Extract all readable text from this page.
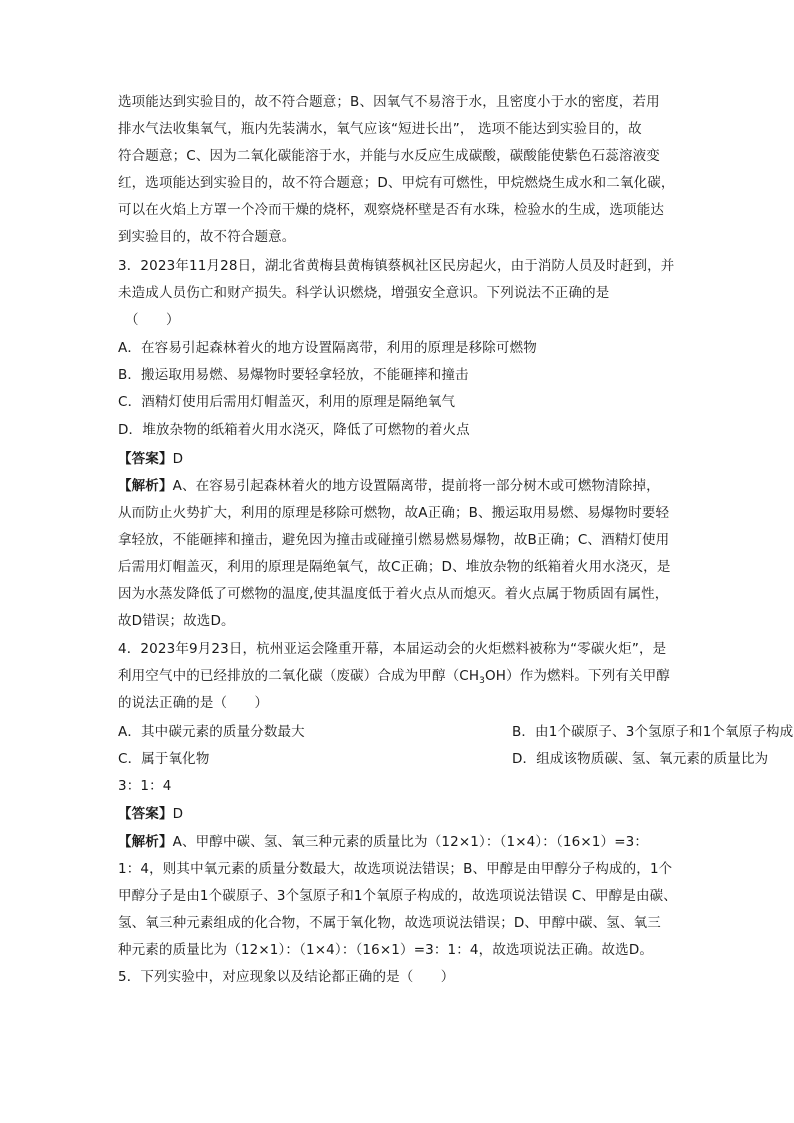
选项能达到实验目的，故不符合题意；B、因氧气不易溶于水，且密度小于水的密度，若用

排水气法收集氧气，瓶内先装满水，氧气应该“短进长出”， 选项不能达到实验目的，故

符合题意；C、因为二氧化碳能溶于水，并能与水反应生成碳酸，碳酸能使紫色石蕊溶液变

红，选项能达到实验目的，故不符合题意；D、甲烷有可燃性，甲烷燃烧生成水和二氧化碳，

可以在火焰上方罩一个冷而干燥的烧杯，观察烧杯壁是否有水珠，检验水的生成，选项能达

到实验目的，故不符合题意。

3．2023年11月28日，湖北省黄梅县黄梅镇蔡枫社区民房起火，由于消防人员及时赶到，并

未造成人员伤亡和财产损失。科学认识燃烧，增强安全意识。下列说法不正确的是

（　　）

A．在容易引起森林着火的地方设置隔离带，利用的原理是移除可燃物

B．搬运取用易燃、易爆物时要轻拿轻放，不能砸摔和撞击

C．酒精灯使用后需用灯帽盖灭，利用的原理是隔绝氧气

D．堆放杂物的纸箱着火用水浇灭，降低了可燃物的着火点

【答案】D

【解析】A、在容易引起森林着火的地方设置隔离带，提前将一部分树木或可燃物清除掉，

从而防止火势扩大，利用的原理是移除可燃物，故A正确；B、搬运取用易燃、易爆物时要轻

拿轻放，不能砸摔和撞击，避免因为撞击或碰撞引燃易燃易爆物，故B正确；C、酒精灯使用

后需用灯帽盖灭，利用的原理是隔绝氧气，故C正确；D、堆放杂物的纸箱着火用水浇灭，是

因为水蒸发降低了可燃物的温度,使其温度低于着火点从而熄灭。着火点属于物质固有属性，

故D错误；故选D。

4．2023年9月23日，杭州亚运会隆重开幕，本届运动会的火炬燃料被称为“零碳火炬”，是

利用空气中的已经排放的二氧化碳（废碳）合成为甲醇$(CH_3OH)$作为燃料。下列有关甲醇

的说法正确的是（　　）

A．其中碳元素的质量分数最大	B．由1个碳原子、3个氢原子和1个氧原子构成

C．属于氧化物	D．组成该物质碳、氢、氧元素的质量比为

3：1：4

【答案】D

【解析】A、甲醇中碳、氢、氧三种元素的质量比为（12×1）：（1×4）：（16×1）=3：

1：4，则其中氧元素的质量分数最大，故选项说法错误；B、甲醇是由甲醇分子构成的，1个

甲醇分子是由1个碳原子、3个氢原子和1个氧原子构成的，故选项说法错误 C、甲醇是由碳、

氢、氧三种元素组成的化合物，不属于氧化物，故选项说法错误；D、甲醇中碳、氢、氧三

种元素的质量比为（12×1）：（1×4）：（16×1）=3：1：4，故选项说法正确。故选D。

5．下列实验中，对应现象以及结论都正确的是（　　）
